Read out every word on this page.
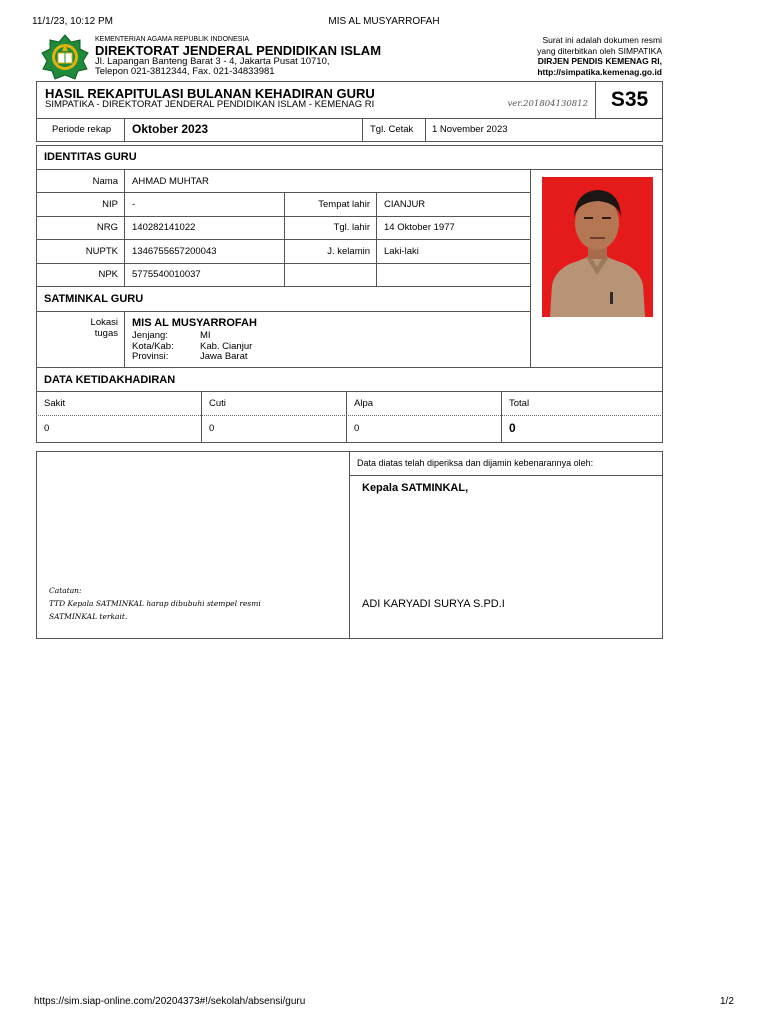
11/1/23, 10:12 PM	MIS AL MUSYARROFAH
https://sim.siap-online.com/20204373#!/sekolah/absensi/guru	1/2
KEMENTERIAN AGAMA REPUBLIK INDONESIA
DIREKTORAT JENDERAL PENDIDIKAN ISLAM
Jl. Lapangan Banteng Barat 3 - 4, Jakarta Pusat 10710,
Telepon 021-3812344, Fax. 021-34833981
Surat ini adalah dokumen resmi
yang diterbitkan oleh SIMPATIKA
DIRJEN PENDIS KEMENAG RI,
http://simpatika.kemenag.go.id
HASIL REKAPITULASI BULANAN KEHADIRAN GURU
SIMPATIKA - DIREKTORAT JENDERAL PENDIDIKAN ISLAM - KEMENAG RI	ver.201804130812	S35
Periode rekap Oktober 2023	Tgl. Cetak 1 November 2023
IDENTITAS GURU
Nama AHMAD MUHTAR
NIP -	Tempat lahir CIANJUR
NRG 140282141022	Tgl. lahir 14 Oktober 1977
NUPTK 1346755657200043	J. kelamin Laki-laki
NPK 5775540010037
SATMINKAL GURU
Lokasi
tugas
MIS AL MUSYARROFAH
Jenjang:	MI
Kota/Kab:	Kab. Cianjur
Provinsi:	Jawa Barat
DATA KETIDAKHADIRAN
Sakit	Cuti	Alpa	Total
0	0	0	0
Catatan:
TTD Kepala SATMINKAL harap dibubuhi stempel resmi
SATMINKAL terkait.
Data diatas telah diperiksa dan dijamin kebenarannya oleh:
Kepala SATMINKAL,
ADI KARYADI SURYA S.PD.I
